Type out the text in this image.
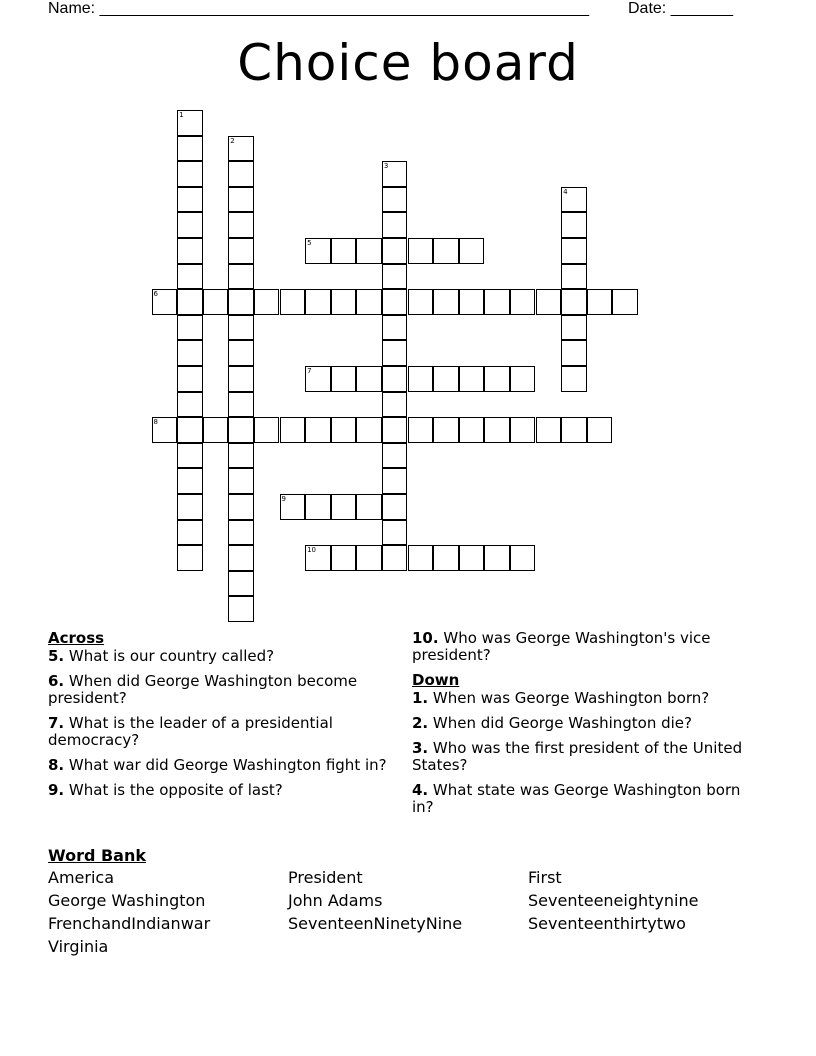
Name: _______________________________________________________ Date: _______
Choice board
1
2
3
4
5
6
7
8
9
10
Across
5. What is our country called?
6. When did George Washington become president?
7. What is the leader of a presidential democracy?
8. What war did George Washington fight in?
9. What is the opposite of last?
10. Who was George Washington's vice president?
Down
1. When was George Washington born?
2. When did George Washington die?
3. Who was the first president of the United States?
4. What state was George Washington born in?
Word Bank
America	President	First
George Washington	John Adams	Seventeeneightynine
FrenchandIndianwar	SeventeenNinetyNine	Seventeenthirtytwo
Virginia
